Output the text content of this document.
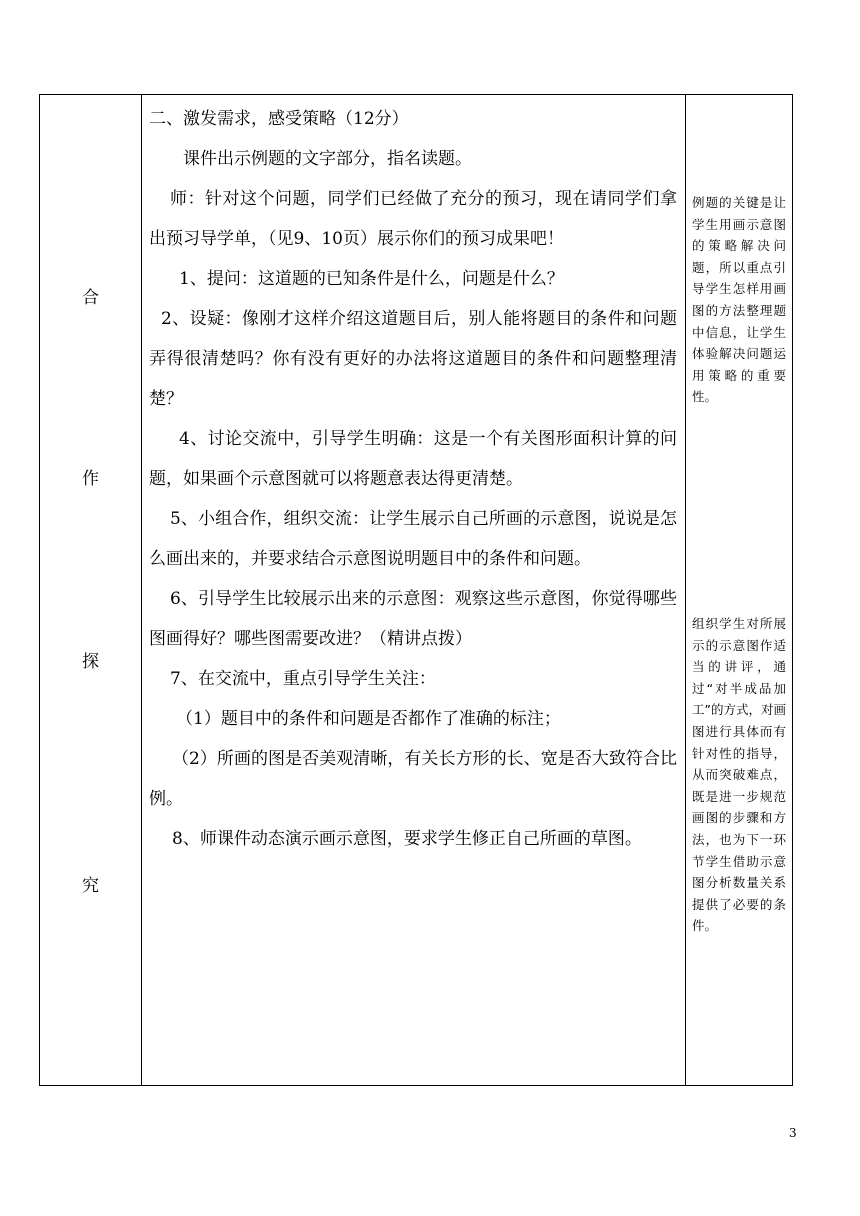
合
作
探
究

二、激发需求，感受策略（12分）

课件出示例题的文字部分，指名读题。

师：针对这个问题，同学们已经做了充分的预习，现在请同学们拿出预习导学单，（见9、10页）展示你们的预习成果吧！

1、提问：这道题的已知条件是什么，问题是什么？

2、设疑：像刚才这样介绍这道题目后，别人能将题目的条件和问题弄得很清楚吗？你有没有更好的办法将这道题目的条件和问题整理清楚？

4、讨论交流中，引导学生明确：这是一个有关图形面积计算的问题，如果画个示意图就可以将题意表达得更清楚。

5、小组合作，组织交流：让学生展示自己所画的示意图，说说是怎么画出来的，并要求结合示意图说明题目中的条件和问题。

6、引导学生比较展示出来的示意图：观察这些示意图，你觉得哪些图画得好？哪些图需要改进？（精讲点拨）

7、在交流中，重点引导学生关注：

（1）题目中的条件和问题是否都作了准确的标注；

（2）所画的图是否美观清晰，有关长方形的长、宽是否大致符合比例。

8、师课件动态演示画示意图，要求学生修正自己所画的草图。

例题的关键是让学生用画示意图的策略解决问题，所以重点引导学生怎样用画图的方法整理题中信息，让学生体验解决问题运用策略的重要性。
组织学生对所展示的示意图作适当的讲评，通过“对半成品加工”的方式，对画图进行具体而有针对性的指导，从而突破难点，既是进一步规范画图的步骤和方法，也为下一环节学生借助示意图分析数量关系提供了必要的条件。
3
